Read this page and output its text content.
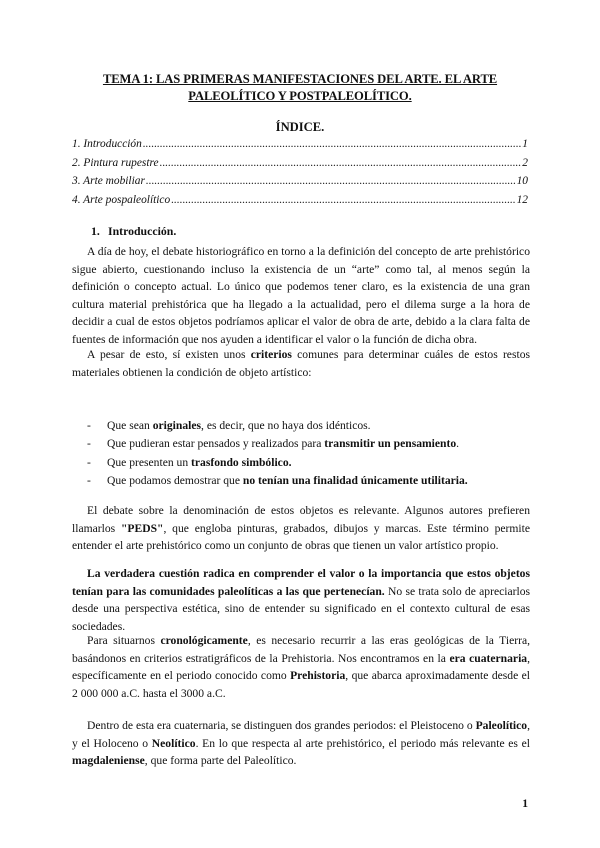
TEMA 1: LAS PRIMERAS MANIFESTACIONES DEL ARTE. EL ARTE
PALEOLÍTICO Y POSTPALEOLÍTICO.
ÍNDICE.
1. Introducción .....	1
2. Pintura rupestre .....	2
3. Arte mobiliar .....	10
4. Arte pospaleolítico .....	12
1. Introducción.

A día de hoy, el debate historiográfico en torno a la definición del concepto de arte prehistórico sigue abierto, cuestionando incluso la existencia de un “arte” como tal, al menos según la definición o concepto actual. Lo único que podemos tener claro, es la existencia de una gran cultura material prehistórica que ha llegado a la actualidad, pero el dilema surge a la hora de decidir a cual de estos objetos podríamos aplicar el valor de obra de arte, debido a la clara falta de fuentes de información que nos ayuden a identificar el valor o la función de dicha obra.

A pesar de esto, sí existen unos criterios comunes para determinar cuáles de estos restos materiales obtienen la condición de objeto artístico:

-	Que sean originales, es decir, que no haya dos idénticos.
-	Que pudieran estar pensados y realizados para transmitir un pensamiento.
-	Que presenten un trasfondo simbólico.
-	Que podamos demostrar que no tenían una finalidad únicamente utilitaria.

El debate sobre la denominación de estos objetos es relevante. Algunos autores prefieren llamarlos "PEDS", que engloba pinturas, grabados, dibujos y marcas. Este término permite entender el arte prehistórico como un conjunto de obras que tienen un valor artístico propio.

La verdadera cuestión radica en comprender el valor o la importancia que estos objetos tenían para las comunidades paleolíticas a las que pertenecían. No se trata solo de apreciarlos desde una perspectiva estética, sino de entender su significado en el contexto cultural de esas sociedades.

Para situarnos cronológicamente, es necesario recurrir a las eras geológicas de la Tierra, basándonos en criterios estratigráficos de la Prehistoria. Nos encontramos en la era cuaternaria, específicamente en el periodo conocido como Prehistoria, que abarca aproximadamente desde el 2 000 000 a.C. hasta el 3000 a.C.

Dentro de esta era cuaternaria, se distinguen dos grandes periodos: el Pleistoceno o Paleolítico, y el Holoceno o Neolítico. En lo que respecta al arte prehistórico, el periodo más relevante es el magdaleniense, que forma parte del Paleolítico.

1
